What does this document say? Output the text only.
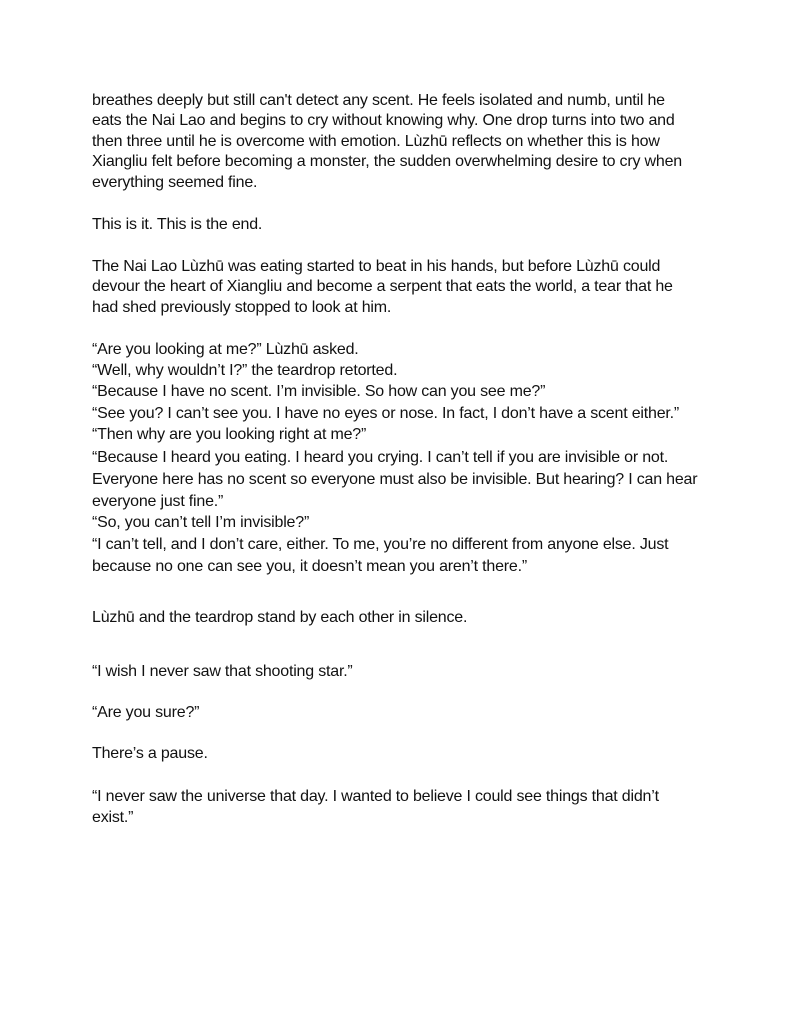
breathes deeply but still can't detect any scent. He feels isolated and numb, until he
eats the Nai Lao and begins to cry without knowing why. One drop turns into two and
then three until he is overcome with emotion. Lùzhū reflects on whether this is how
Xiangliu felt before becoming a monster, the sudden overwhelming desire to cry when
everything seemed fine.
This is it. This is the end.
The Nai Lao Lùzhū was eating started to beat in his hands, but before Lùzhū could
devour the heart of Xiangliu and become a serpent that eats the world, a tear that he
had shed previously stopped to look at him.
“Are you looking at me?” Lùzhū asked.
“Well, why wouldn’t I?” the teardrop retorted.
“Because I have no scent. I’m invisible. So how can you see me?”
“See you? I can’t see you. I have no eyes or nose. In fact, I don’t have a scent either.”
“Then why are you looking right at me?”
“Because I heard you eating. I heard you crying. I can’t tell if you are invisible or not.
Everyone here has no scent so everyone must also be invisible. But hearing? I can hear
everyone just fine.”
“So, you can’t tell I’m invisible?”
“I can’t tell, and I don’t care, either. To me, you’re no different from anyone else. Just
because no one can see you, it doesn’t mean you aren’t there.”
Lùzhū and the teardrop stand by each other in silence.
“I wish I never saw that shooting star.”
“Are you sure?”
There’s a pause.
“I never saw the universe that day. I wanted to believe I could see things that didn’t
exist.”
